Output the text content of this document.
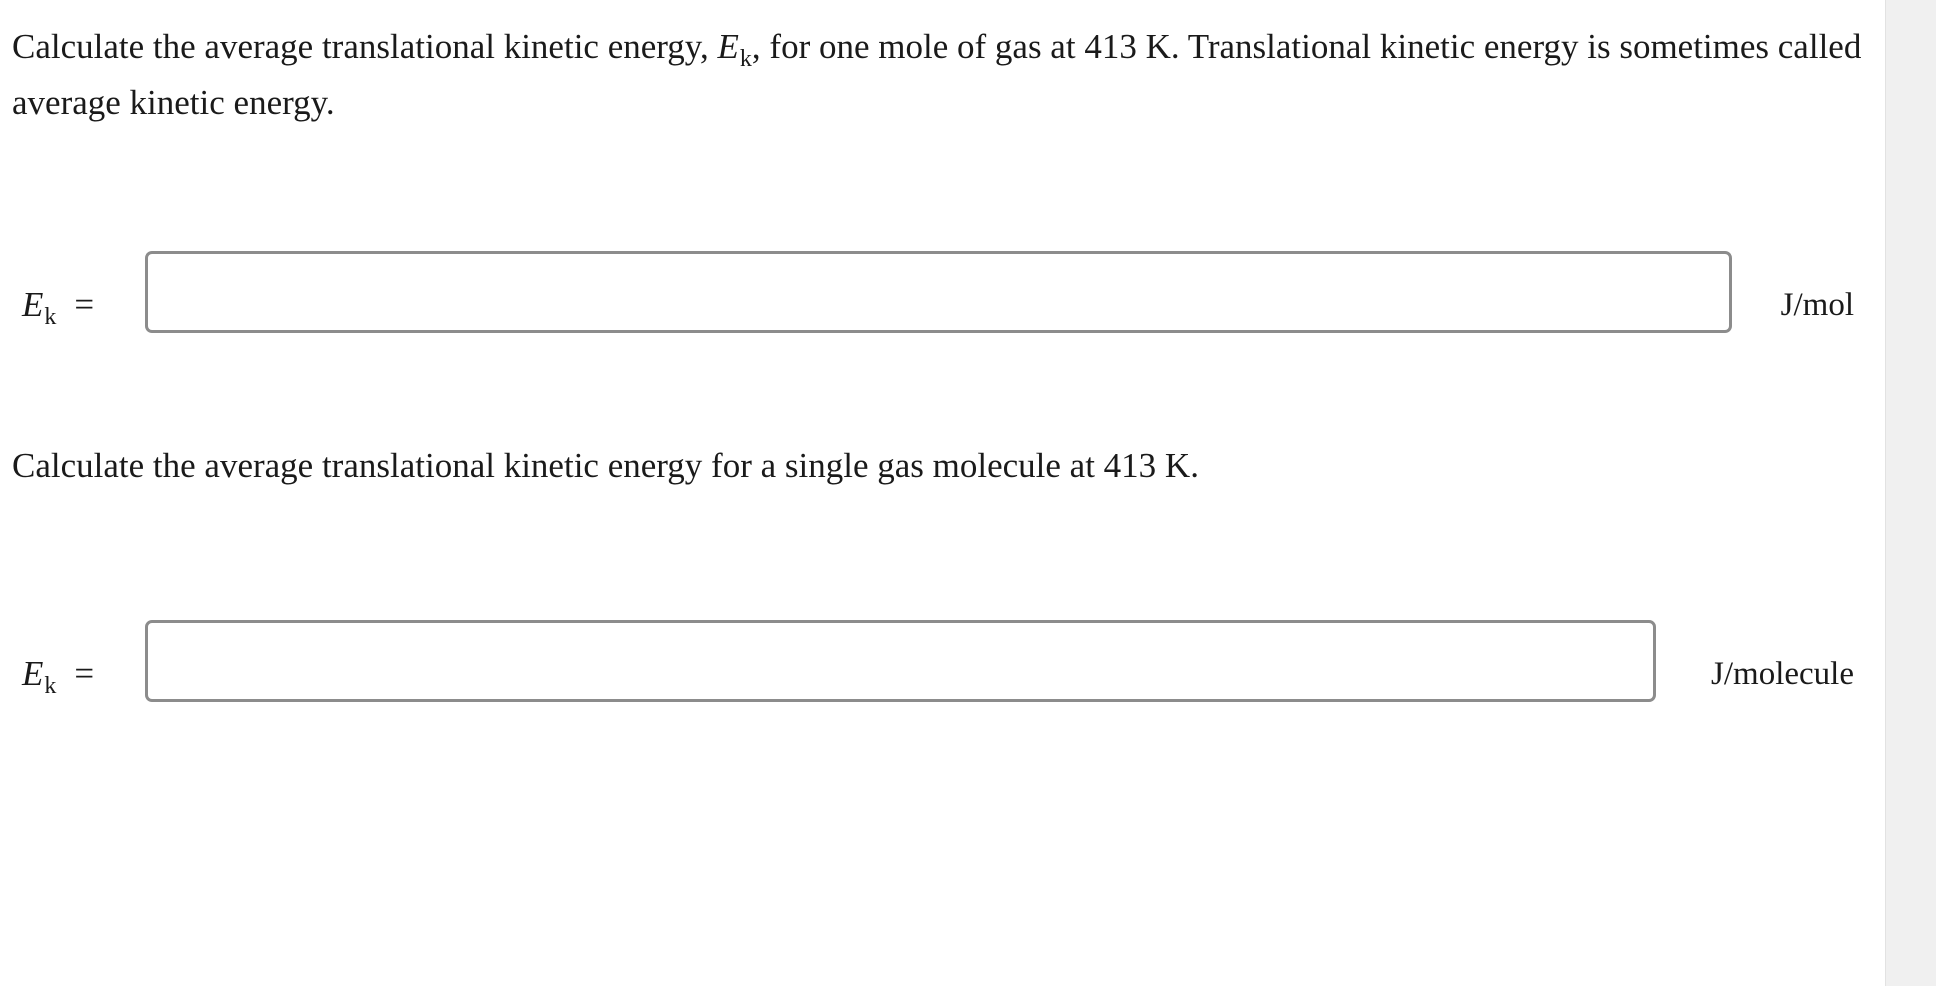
Calculate the average translational kinetic energy, $E_k$, for one mole of gas at 413 K. Translational kinetic energy is sometimes called average kinetic energy.

$E_k$ =	J/mol

Calculate the average translational kinetic energy for a single gas molecule at 413 K.

$E_k$ =	J/molecule
